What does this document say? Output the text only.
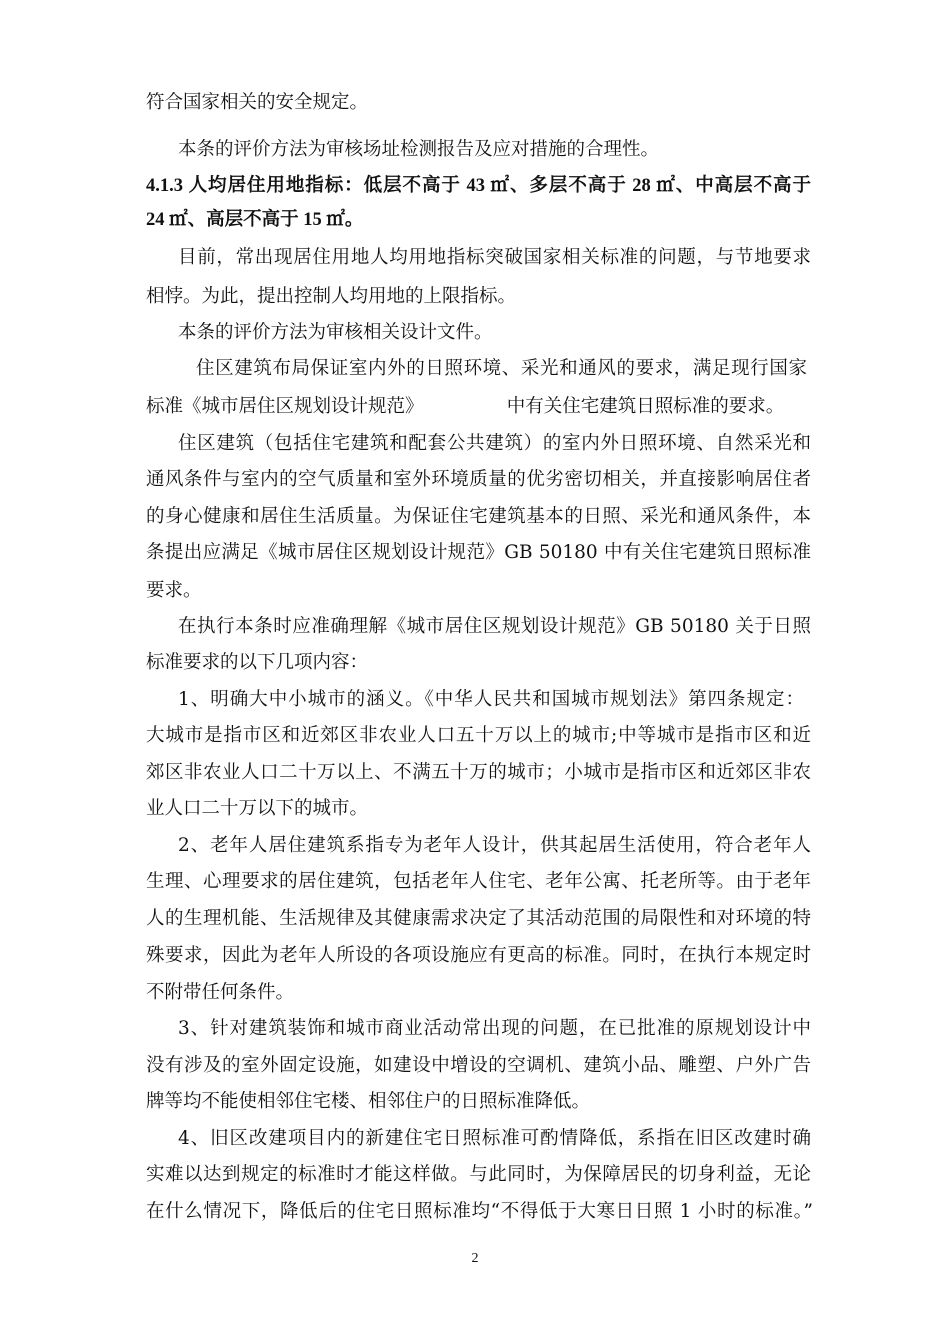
符合国家相关的安全规定。
本条的评价方法为审核场址检测报告及应对措施的合理性。
4.1.3 人均居住用地指标：低层不高于 43 ㎡、多层不高于 28 ㎡、中高层不高于
24 ㎡、高层不高于 15 ㎡。
目前，常出现居住用地人均用地指标突破国家相关标准的问题，与节地要求
相悖。为此，提出控制人均用地的上限指标。
本条的评价方法为审核相关设计文件。
住区建筑布局保证室内外的日照环境、采光和通风的要求，满足现行国家
标准《城市居住区规划设计规范》　　　　　中有关住宅建筑日照标准的要求。
住区建筑（包括住宅建筑和配套公共建筑）的室内外日照环境、自然采光和
通风条件与室内的空气质量和室外环境质量的优劣密切相关，并直接影响居住者
的身心健康和居住生活质量。为保证住宅建筑基本的日照、采光和通风条件，本
条提出应满足《城市居住区规划设计规范》GB 50180 中有关住宅建筑日照标准
要求。
在执行本条时应准确理解《城市居住区规划设计规范》GB 50180 关于日照
标准要求的以下几项内容：
1、明确大中小城市的涵义。《中华人民共和国城市规划法》第四条规定：
大城市是指市区和近郊区非农业人口五十万以上的城市;中等城市是指市区和近
郊区非农业人口二十万以上、不满五十万的城市；小城市是指市区和近郊区非农
业人口二十万以下的城市。
2、老年人居住建筑系指专为老年人设计，供其起居生活使用，符合老年人
生理、心理要求的居住建筑，包括老年人住宅、老年公寓、托老所等。由于老年
人的生理机能、生活规律及其健康需求决定了其活动范围的局限性和对环境的特
殊要求，因此为老年人所设的各项设施应有更高的标准。同时，在执行本规定时
不附带任何条件。
3、针对建筑装饰和城市商业活动常出现的问题，在已批准的原规划设计中
没有涉及的室外固定设施，如建设中增设的空调机、建筑小品、雕塑、户外广告
牌等均不能使相邻住宅楼、相邻住户的日照标准降低。
4、旧区改建项目内的新建住宅日照标准可酌情降低，系指在旧区改建时确
实难以达到规定的标准时才能这样做。与此同时，为保障居民的切身利益，无论
在什么情况下，降低后的住宅日照标准均“不得低于大寒日日照 1 小时的标准。”
2
